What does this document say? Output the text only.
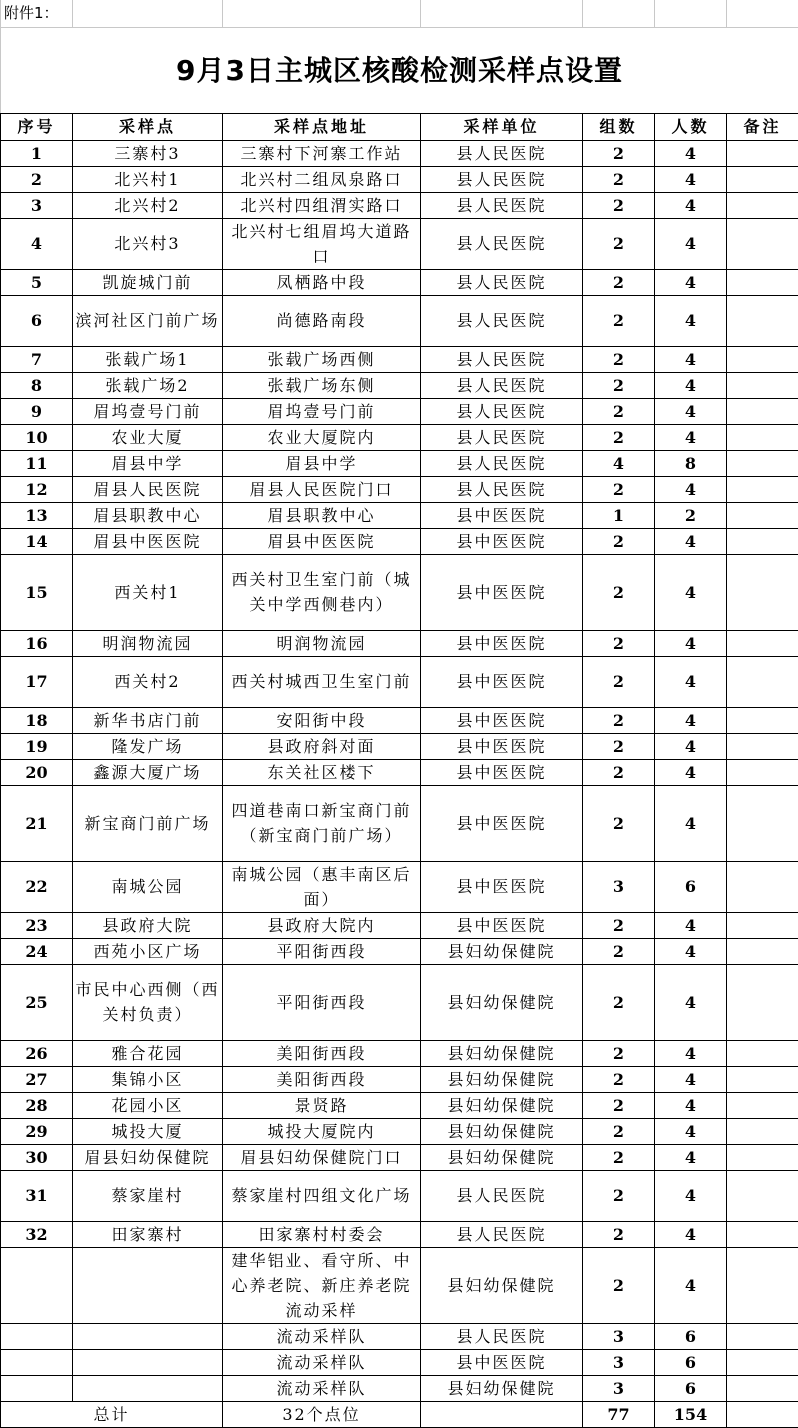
附件1：						
9月3日主城区核酸检测采样点设置						
序号	采样点	采样点地址	采样单位	组数	人数	备注
1	三寨村3	三寨村下河寨工作站	县人民医院	2	4	
2	北兴村1	北兴村二组凤泉路口	县人民医院	2	4	
3	北兴村2	北兴村四组渭实路口	县人民医院	2	4	
4	北兴村3	北兴村七组眉坞大道路口	县人民医院	2	4	
5	凯旋城门前	凤栖路中段	县人民医院	2	4	
6	滨河社区门前广场	尚德路南段	县人民医院	2	4	
7	张载广场1	张载广场西侧	县人民医院	2	4	
8	张载广场2	张载广场东侧	县人民医院	2	4	
9	眉坞壹号门前	眉坞壹号门前	县人民医院	2	4	
10	农业大厦	农业大厦院内	县人民医院	2	4	
11	眉县中学	眉县中学	县人民医院	4	8	
12	眉县人民医院	眉县人民医院门口	县人民医院	2	4	
13	眉县职教中心	眉县职教中心	县中医医院	1	2	
14	眉县中医医院	眉县中医医院	县中医医院	2	4	
15	西关村1	西关村卫生室门前（城关中学西侧巷内）	县中医医院	2	4	
16	明润物流园	明润物流园	县中医医院	2	4	
17	西关村2	西关村城西卫生室门前	县中医医院	2	4	
18	新华书店门前	安阳街中段	县中医医院	2	4	
19	隆发广场	县政府斜对面	县中医医院	2	4	
20	鑫源大厦广场	东关社区楼下	县中医医院	2	4	
21	新宝商门前广场	四道巷南口新宝商门前（新宝商门前广场）	县中医医院	2	4	
22	南城公园	南城公园（惠丰南区后面）	县中医医院	3	6	
23	县政府大院	县政府大院内	县中医医院	2	4	
24	西苑小区广场	平阳街西段	县妇幼保健院	2	4	
25	市民中心西侧（西关村负责）	平阳街西段	县妇幼保健院	2	4	
26	雅合花园	美阳街西段	县妇幼保健院	2	4	
27	集锦小区	美阳街西段	县妇幼保健院	2	4	
28	花园小区	景贤路	县妇幼保健院	2	4	
29	城投大厦	城投大厦院内	县妇幼保健院	2	4	
30	眉县妇幼保健院	眉县妇幼保健院门口	县妇幼保健院	2	4	
31	蔡家崖村	蔡家崖村四组文化广场	县人民医院	2	4	
32	田家寨村	田家寨村村委会	县人民医院	2	4	
		建华铝业、看守所、中心养老院、新庄养老院流动采样	县妇幼保健院	2	4	
		流动采样队	县人民医院	3	6	
		流动采样队	县中医医院	3	6	
		流动采样队	县妇幼保健院	3	6	
总计		32个点位		77	154	
